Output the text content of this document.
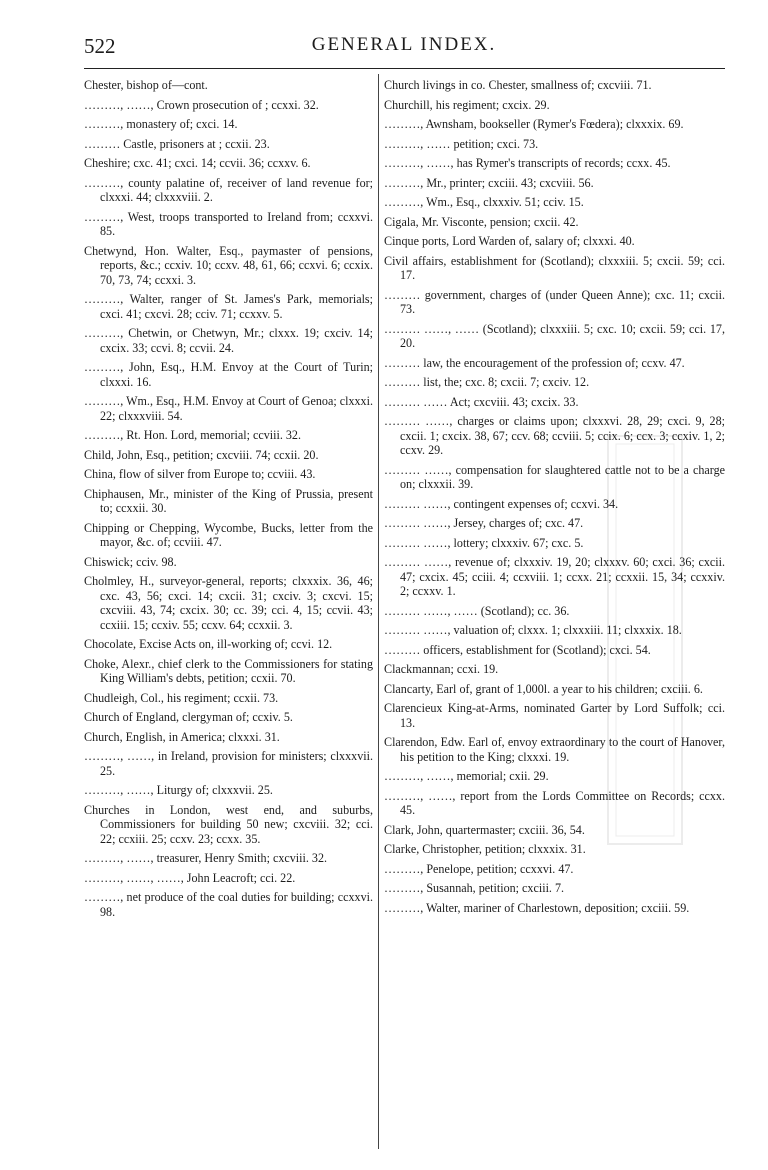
522	GENERAL INDEX.

Chester, bishop of—cont.

………, ……, Crown prosecution of ; ccxxi. 32.

………, monastery of; cxci. 14.

……… Castle, prisoners at ; ccxii. 23.

Cheshire; cxc. 41; cxci. 14; ccvii. 36; ccxxv. 6.

………, county palatine of, receiver of land revenue for; clxxxi. 44; clxxxviii. 2.

………, West, troops transported to Ireland from; ccxxvi. 85.

Chetwynd, Hon. Walter, Esq., paymaster of pensions, reports, &c.; ccxiv. 10; ccxv. 48, 61, 66; ccxvi. 6; ccxix. 70, 73, 74; ccxxi. 3.

………, Walter, ranger of St. James's Park, memorials; cxci. 41; cxcvi. 28; cciv. 71; ccxxv. 5.

………, Chetwin, or Chetwyn, Mr.; clxxx. 19; cxciv. 14; cxcix. 33; ccvi. 8; ccvii. 24.

………, John, Esq., H.M. Envoy at the Court of Turin; clxxxi. 16.

………, Wm., Esq., H.M. Envoy at Court of Genoa; clxxxi. 22; clxxxviii. 54.

………, Rt. Hon. Lord, memorial; ccviii. 32.

Child, John, Esq., petition; cxcviii. 74; ccxii. 20.

China, flow of silver from Europe to; ccviii. 43.

Chiphausen, Mr., minister of the King of Prussia, present to; ccxxii. 30.

Chipping or Chepping, Wycombe, Bucks, letter from the mayor, &c. of; ccviii. 47.

Chiswick; cciv. 98.

Cholmley, H., surveyor-general, reports; clxxxix. 36, 46; cxc. 43, 56; cxci. 14; cxcii. 31; cxciv. 3; cxcvi. 15; cxcviii. 43, 74; cxcix. 30; cc. 39; cci. 4, 15; ccvii. 43; ccxiii. 15; ccxiv. 55; ccxv. 64; ccxxii. 3.

Chocolate, Excise Acts on, ill-working of; ccvi. 12.

Choke, Alexr., chief clerk to the Commissioners for stating King William's debts, petition; ccxii. 70.

Chudleigh, Col., his regiment; ccxii. 73.

Church of England, clergyman of; ccxiv. 5.

Church, English, in America; clxxxi. 31.

………, ……, in Ireland, provision for ministers; clxxxvii. 25.

………, ……, Liturgy of; clxxxvii. 25.

Churches in London, west end, and suburbs, Commissioners for building 50 new; cxcviii. 32; cci. 22; ccxiii. 25; ccxv. 23; ccxx. 35.

………, ……, treasurer, Henry Smith; cxcviii. 32.

………, ……, ……, John Leacroft; cci. 22.

………, net produce of the coal duties for building; ccxxvi. 98.

Church livings in co. Chester, smallness of; cxcviii. 71.

Churchill, his regiment; cxcix. 29.

………, Awnsham, bookseller (Rymer's Fœdera); clxxxix. 69.

………, …… petition; cxci. 73.

………, ……, has Rymer's transcripts of records; ccxx. 45.

………, Mr., printer; cxciii. 43; cxcviii. 56.

………, Wm., Esq., clxxxiv. 51; cciv. 15.

Cigala, Mr. Visconte, pension; cxcii. 42.

Cinque ports, Lord Warden of, salary of; clxxxi. 40.

Civil affairs, establishment for (Scotland); clxxxiii. 5; cxcii. 59; cci. 17.

……… government, charges of (under Queen Anne); cxc. 11; cxcii. 73.

……… ……, …… (Scotland); clxxxiii. 5; cxc. 10; cxcii. 59; cci. 17, 20.

……… law, the encouragement of the profession of; ccxv. 47.

……… list, the; cxc. 8; cxcii. 7; cxciv. 12.

……… …… Act; cxcviii. 43; cxcix. 33.

……… ……, charges or claims upon; clxxxvi. 28, 29; cxci. 9, 28; cxcii. 1; cxcix. 38, 67; ccv. 68; ccviii. 5; ccix. 6; ccx. 3; ccxiv. 1, 2; ccxv. 29.

……… ……, compensation for slaughtered cattle not to be a charge on; clxxxii. 39.

……… ……, contingent expenses of; ccxvi. 34.

……… ……, Jersey, charges of; cxc. 47.

……… ……, lottery; clxxxiv. 67; cxc. 5.

……… ……, revenue of; clxxxiv. 19, 20; clxxxv. 60; cxci. 36; cxcii. 47; cxcix. 45; cciii. 4; ccxviii. 1; ccxx. 21; ccxxii. 15, 34; ccxxiv. 2; ccxxv. 1.

……… ……, …… (Scotland); cc. 36.

……… ……, valuation of; clxxx. 1; clxxxiii. 11; clxxxix. 18.

……… officers, establishment for (Scotland); cxci. 54.

Clackmannan; ccxi. 19.

Clancarty, Earl of, grant of 1,000l. a year to his children; cxciii. 6.

Clarencieux King-at-Arms, nominated Garter by Lord Suffolk; cci. 13.

Clarendon, Edw. Earl of, envoy extraordinary to the court of Hanover, his petition to the King; clxxxi. 19.

………, ……, memorial; cxii. 29.

………, ……, report from the Lords Committee on Records; ccxx. 45.

Clark, John, quartermaster; cxciii. 36, 54.

Clarke, Christopher, petition; clxxxix. 31.

………, Penelope, petition; ccxxvi. 47.

………, Susannah, petition; cxciii. 7.

………, Walter, mariner of Charlestown, deposition; cxciii. 59.
